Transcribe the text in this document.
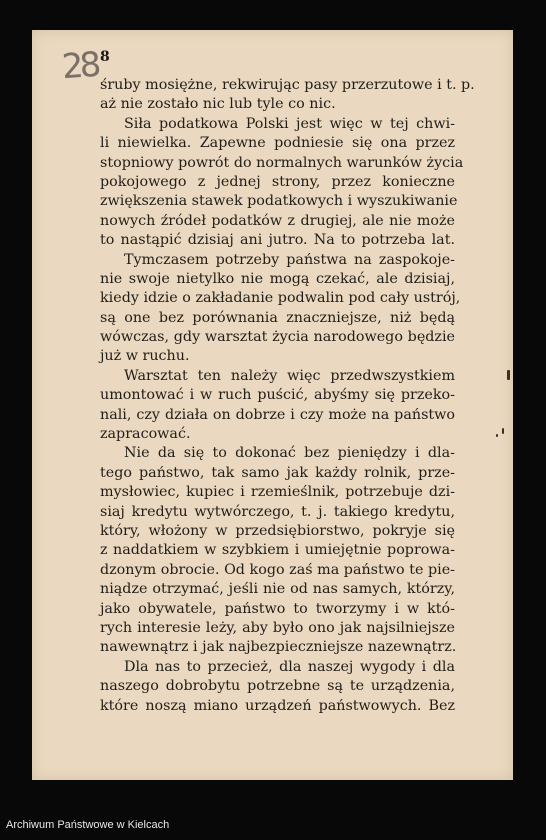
28 8
śruby mosiężne, rekwirując pasy przerzutowe i t. p.
aż nie zostało nic lub tyle co nic.
Siła podatkowa Polski jest więc w tej chwi-
li niewielka. Zapewne podniesie się ona przez
stopniowy powrót do normalnych warunków życia
pokojowego z jednej strony, przez konieczne
zwiększenia stawek podatkowych i wyszukiwanie
nowych źródeł podatków z drugiej, ale nie może
to nastąpić dzisiaj ani jutro. Na to potrzeba lat.
Tymczasem potrzeby państwa na zaspokoje-
nie swoje nietylko nie mogą czekać, ale dzisiaj,
kiedy idzie o zakładanie podwalin pod cały ustrój,
są one bez porównania znaczniejsze, niż będą
wówczas, gdy warsztat życia narodowego będzie
już w ruchu.
Warsztat ten należy więc przedwszystkiem
umontować i w ruch puścić, abyśmy się przeko-
nali, czy działa on dobrze i czy może na państwo
zapracować.
Nie da się to dokonać bez pieniędzy i dla-
tego państwo, tak samo jak każdy rolnik, prze-
mysłowiec, kupiec i rzemieślnik, potrzebuje dzi-
siaj kredytu wytwórczego, t. j. takiego kredytu,
który, włożony w przedsiębiorstwo, pokryje się
z naddatkiem w szybkiem i umiejętnie poprowa-
dzonym obrocie. Od kogo zaś ma państwo te pie-
niądze otrzymać, jeśli nie od nas samych, którzy,
jako obywatele, państwo to tworzymy i w któ-
rych interesie leży, aby było ono jak najsilniejsze
nawewnątrz i jak najbezpieczniejsze nazewnątrz.
Dla nas to przecież, dla naszej wygody i dla
naszego dobrobytu potrzebne są te urządzenia,
które noszą miano urządzeń państwowych. Bez
Archiwum Państwowe w Kielcach
